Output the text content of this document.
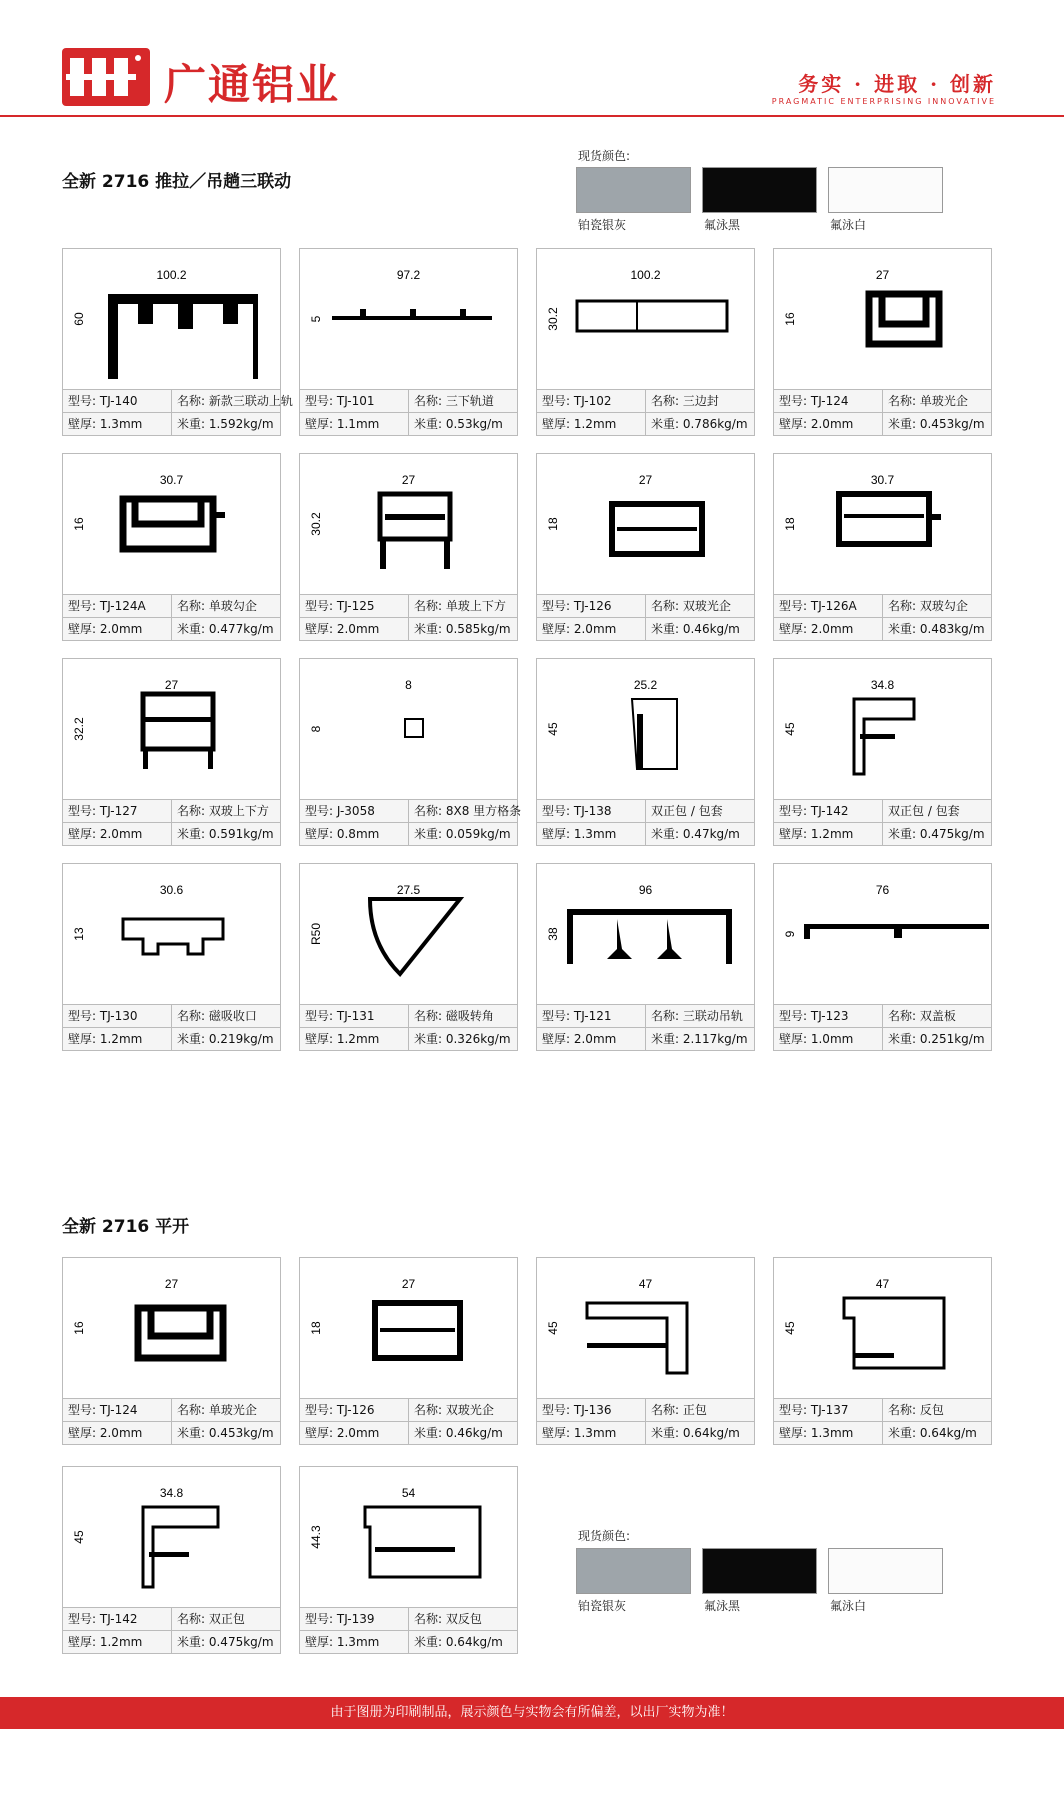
广通铝业	务实 · 进取 · 创新
PRAGMATIC ENTERPRISING INNOVATIVE
全新 2716 推拉／吊趟三联动
现货颜色:
铂瓷银灰	氟泳黑	氟泳白
全新 2716 平开
现货颜色:
铂瓷银灰	氟泳黑	氟泳白
100.2
60
型号: TJ-140	名称: 新款三联动上轨
壁厚: 1.3mm	米重: 1.592kg/m
97.2
5
型号: TJ-101	名称: 三下轨道
壁厚: 1.1mm	米重: 0.53kg/m
100.2
30.2
型号: TJ-102	名称: 三边封
壁厚: 1.2mm	米重: 0.786kg/m
27
16
型号: TJ-124	名称: 单玻光企
壁厚: 2.0mm	米重: 0.453kg/m
30.7
16
型号: TJ-124A	名称: 单玻勾企
壁厚: 2.0mm	米重: 0.477kg/m
27
30.2
型号: TJ-125	名称: 单玻上下方
壁厚: 2.0mm	米重: 0.585kg/m
27
18
型号: TJ-126	名称: 双玻光企
壁厚: 2.0mm	米重: 0.46kg/m
30.7
18
型号: TJ-126A	名称: 双玻勾企
壁厚: 2.0mm	米重: 0.483kg/m
27
32.2
型号: TJ-127	名称: 双玻上下方
壁厚: 2.0mm	米重: 0.591kg/m
8
8
型号: J-3058	名称: 8X8 里方格条
壁厚: 0.8mm	米重: 0.059kg/m
25.2
45
型号: TJ-138	双正包 / 包套
壁厚: 1.3mm	米重: 0.47kg/m
34.8
45
型号: TJ-142	双正包 / 包套
壁厚: 1.2mm	米重: 0.475kg/m
30.6
13
型号: TJ-130	名称: 磁吸收口
壁厚: 1.2mm	米重: 0.219kg/m
27.5
R50
型号: TJ-131	名称: 磁吸转角
壁厚: 1.2mm	米重: 0.326kg/m
96
38
型号: TJ-121	名称: 三联动吊轨
壁厚: 2.0mm	米重: 2.117kg/m
76
9
型号: TJ-123	名称: 双盖板
壁厚: 1.0mm	米重: 0.251kg/m
27
16
型号: TJ-124	名称: 单玻光企
壁厚: 2.0mm	米重: 0.453kg/m
27
18
型号: TJ-126	名称: 双玻光企
壁厚: 2.0mm	米重: 0.46kg/m
47
45
型号: TJ-136	名称: 正包
壁厚: 1.3mm	米重: 0.64kg/m
47
45
型号: TJ-137	名称: 反包
壁厚: 1.3mm	米重: 0.64kg/m
34.8
45
型号: TJ-142	名称: 双正包
壁厚: 1.2mm	米重: 0.475kg/m
54
44.3
型号: TJ-139	名称: 双反包
壁厚: 1.3mm	米重: 0.64kg/m
由于图册为印刷制品，展示颜色与实物会有所偏差，以出厂实物为准！
